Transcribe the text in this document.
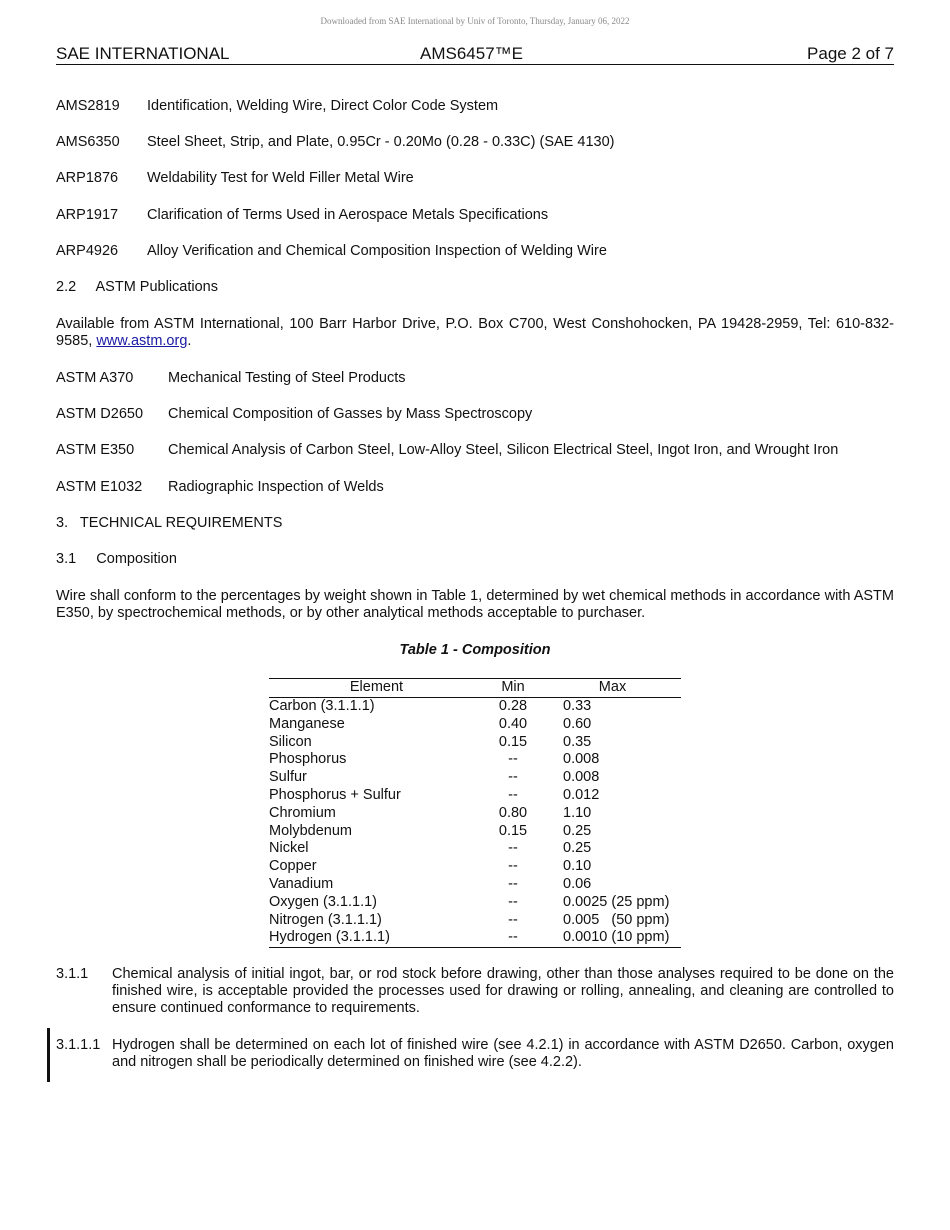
Downloaded from SAE International by Univ of Toronto, Thursday, January 06, 2022
SAE INTERNATIONAL	AMS6457™E	Page 2 of 7
AMS2819 Identification, Welding Wire, Direct Color Code System
AMS6350 Steel Sheet, Strip, and Plate, 0.95Cr - 0.20Mo (0.28 - 0.33C) (SAE 4130)
ARP1876 Weldability Test for Weld Filler Metal Wire
ARP1917 Clarification of Terms Used in Aerospace Metals Specifications
ARP4926 Alloy Verification and Chemical Composition Inspection of Welding Wire
2.2     ASTM Publications
Available from ASTM International, 100 Barr Harbor Drive, P.O. Box C700, West Conshohocken, PA 19428-2959, Tel: 610-832-9585, www.astm.org.
ASTM A370 Mechanical Testing of Steel Products
ASTM D2650 Chemical Composition of Gasses by Mass Spectroscopy
ASTM E350 Chemical Analysis of Carbon Steel, Low-Alloy Steel, Silicon Electrical Steel, Ingot Iron, and Wrought Iron
ASTM E1032 Radiographic Inspection of Welds
3.   TECHNICAL REQUIREMENTS
3.1     Composition
Wire shall conform to the percentages by weight shown in Table 1, determined by wet chemical methods in accordance with ASTM E350, by spectrochemical methods, or by other analytical methods acceptable to purchaser.
Table 1 - Composition
Element	Min	Max
Carbon (3.1.1.1)	0.28	0.33
Manganese	0.40	0.60
Silicon	0.15	0.35
Phosphorus	--	0.008
Sulfur	--	0.008
Phosphorus + Sulfur	--	0.012
Chromium	0.80	1.10
Molybdenum	0.15	0.25
Nickel	--	0.25
Copper	--	0.10
Vanadium	--	0.06
Oxygen (3.1.1.1)	--	0.0025 (25 ppm)
Nitrogen (3.1.1.1)	--	0.005   (50 ppm)
Hydrogen (3.1.1.1)	--	0.0010 (10 ppm)
3.1.1 Chemical analysis of initial ingot, bar, or rod stock before drawing, other than those analyses required to be done on the finished wire, is acceptable provided the processes used for drawing or rolling, annealing, and cleaning are controlled to ensure continued conformance to requirements.
3.1.1.1 Hydrogen shall be determined on each lot of finished wire (see 4.2.1) in accordance with ASTM D2650. Carbon, oxygen and nitrogen shall be periodically determined on finished wire (see 4.2.2).
